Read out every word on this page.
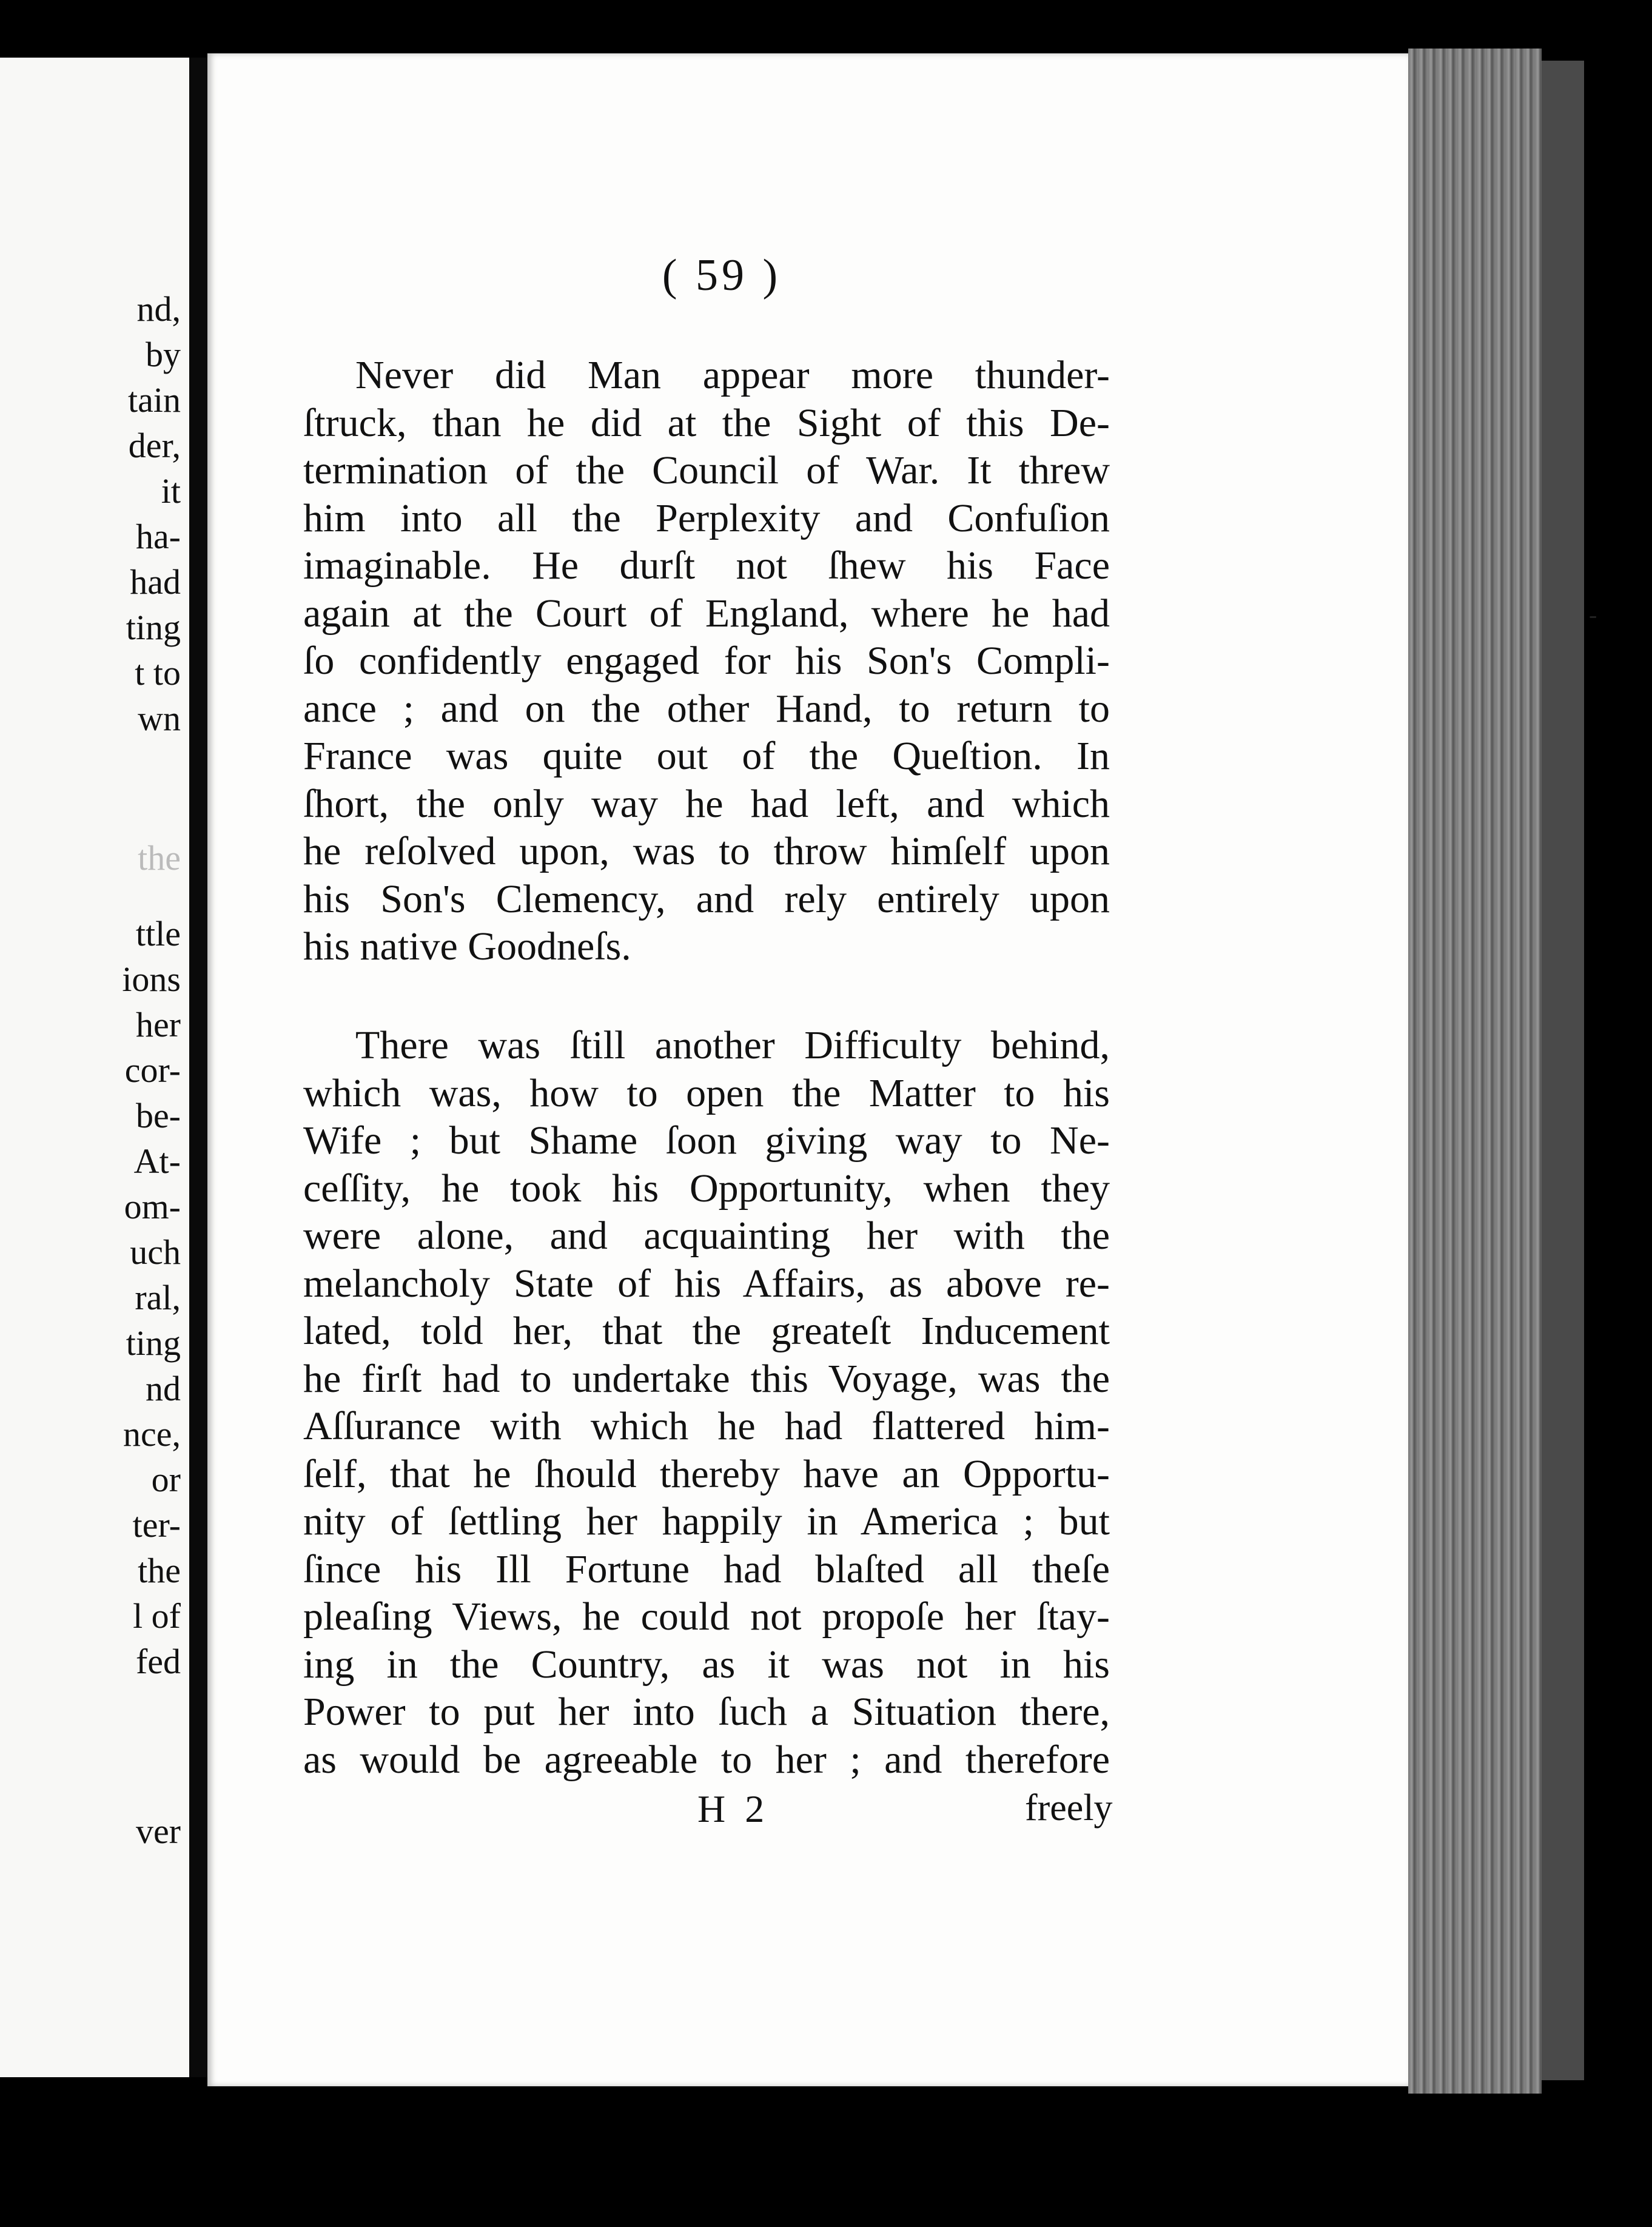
nd,
by
tain
der,
it
ha-
had
ting
t to
wn
the
ttle
ions
her
cor-
be-
At-
om-
uch
ral,
ting
nd
nce,
or
ter-
the
l of
fed
ver
( 59 )
Never did Man appear more thunder-
ſtruck, than he did at the Sight of this De-
termination of the Council of War. It threw
him into all the Perplexity and Confuſion
imaginable. He durſt not ſhew his Face
again at the Court of England, where he had
ſo confidently engaged for his Son's Compli-
ance ; and on the other Hand, to return to
France was quite out of the Queſtion. In
ſhort, the only way he had left, and which
he reſolved upon, was to throw himſelf upon
his Son's Clemency, and rely entirely upon
his native Goodneſs.
There was ſtill another Difficulty behind,
which was, how to open the Matter to his
Wife ; but Shame ſoon giving way to Ne-
ceſſity, he took his Opportunity, when they
were alone, and acquainting her with the
melancholy State of his Affairs, as above re-
lated, told her, that the greateſt Inducement
he firſt had to undertake this Voyage, was the
Aſſurance with which he had flattered him-
ſelf, that he ſhould thereby have an Opportu-
nity of ſettling her happily in America ; but
ſince his Ill Fortune had blaſted all theſe
pleaſing Views, he could not propoſe her ſtay-
ing in the Country, as it was not in his
Power to put her into ſuch a Situation there,
as would be agreeable to her ; and therefore
H 2	freely
-
